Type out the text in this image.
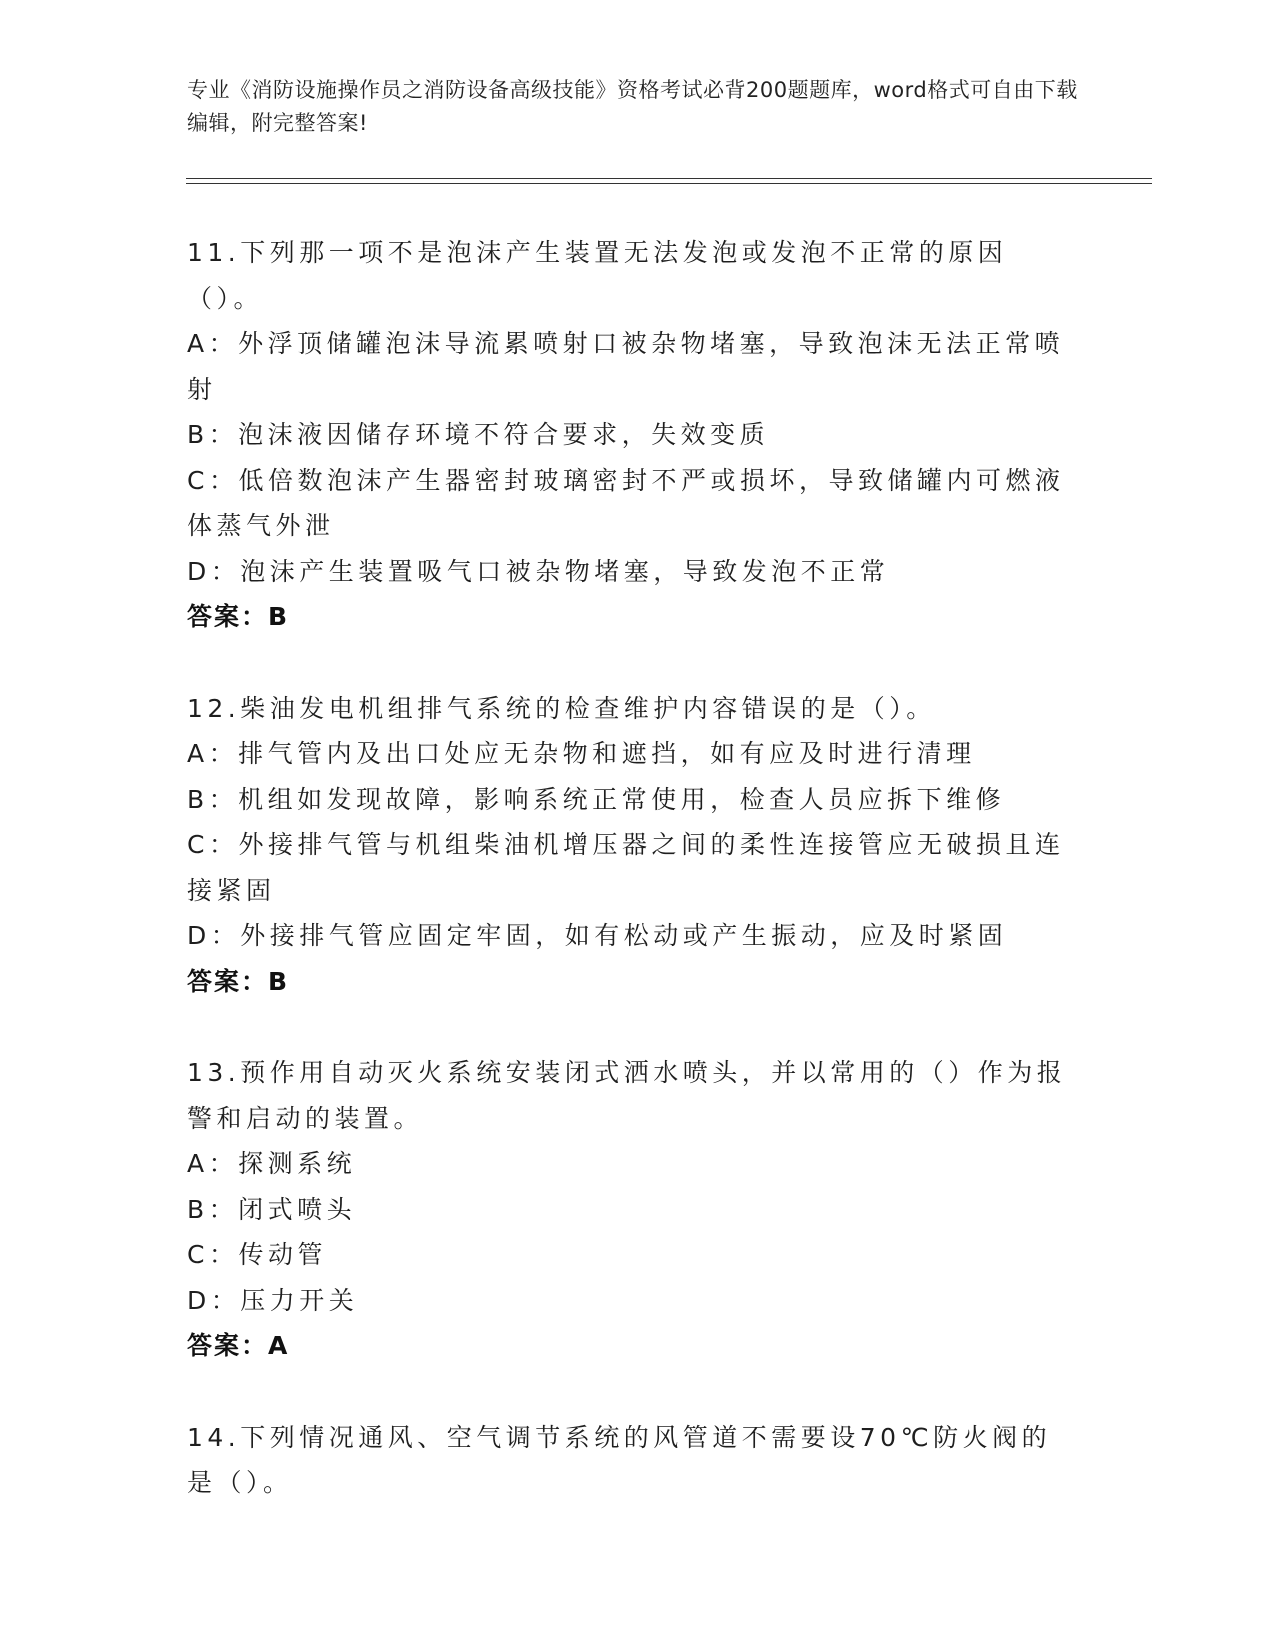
专业《消防设施操作员之消防设备高级技能》资格考试必背200题题库，word格式可自由下载编辑，附完整答案!
11.下列那一项不是泡沫产生装置无法发泡或发泡不正常的原因（）。
A：外浮顶储罐泡沫导流累喷射口被杂物堵塞，导致泡沫无法正常喷射
B：泡沫液因储存环境不符合要求，失效变质
C：低倍数泡沫产生器密封玻璃密封不严或损坏，导致储罐内可燃液体蒸气外泄
D：泡沫产生装置吸气口被杂物堵塞，导致发泡不正常
答案：B
12.柴油发电机组排气系统的检查维护内容错误的是（）。
A：排气管内及出口处应无杂物和遮挡，如有应及时进行清理
B：机组如发现故障，影响系统正常使用，检查人员应拆下维修
C：外接排气管与机组柴油机增压器之间的柔性连接管应无破损且连接紧固
D：外接排气管应固定牢固，如有松动或产生振动，应及时紧固
答案：B
13.预作用自动灭火系统安装闭式洒水喷头，并以常用的（）作为报警和启动的装置。
A：探测系统
B：闭式喷头
C：传动管
D：压力开关
答案：A
14.下列情况通风、空气调节系统的风管道不需要设70℃防火阀的是（）。
